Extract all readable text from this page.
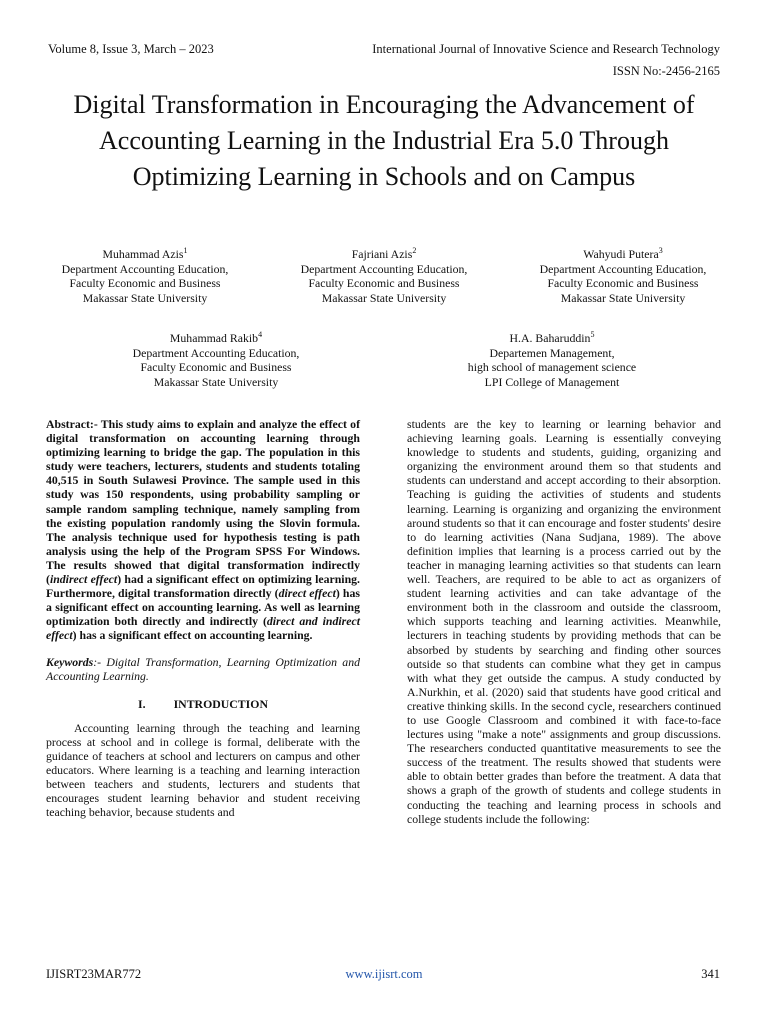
Volume 8, Issue 3, March – 2023	International Journal of Innovative Science and Research Technology
ISSN No:-2456-2165
Digital Transformation in Encouraging the Advancement of Accounting Learning in the Industrial Era 5.0 Through Optimizing Learning in Schools and on Campus
Muhammad Azis$^1$
Department Accounting Education,
Faculty Economic and Business
Makassar State University
Fajriani Azis$^2$
Department Accounting Education,
Faculty Economic and Business
Makassar State University
Wahyudi Putera$^3$
Department Accounting Education,
Faculty Economic and Business
Makassar State University
Muhammad Rakib$^4$
Department Accounting Education,
Faculty Economic and Business
Makassar State University
H.A. Baharuddin$^5$
Departemen Management,
high school of management science
LPI College of Management

Abstract:- This study aims to explain and analyze the effect of digital transformation on accounting learning through optimizing learning to bridge the gap. The population in this study were teachers, lecturers, students and students totaling 40,515 in South Sulawesi Province. The sample used in this study was 150 respondents, using probability sampling or sample random sampling technique, namely sampling from the existing population randomly using the Slovin formula. The analysis technique used for hypothesis testing is path analysis using the help of the Program SPSS For Windows. The results showed that digital transformation indirectly (indirect effect) had a significant effect on optimizing learning. Furthermore, digital transformation directly (direct effect) has a significant effect on accounting learning. As well as learning optimization both directly and indirectly (direct and indirect effect) has a significant effect on accounting learning.

Keywords:- Digital Transformation, Learning Optimization and Accounting Learning.
I. INTRODUCTION
Accounting learning through the teaching and learning process at school and in college is formal, deliberate with the guidance of teachers at school and lecturers on campus and other educators. Where learning is a teaching and learning interaction between teachers and students, lecturers and students that encourages student learning behavior and student receiving teaching behavior, because students and
students are the key to learning or learning behavior and achieving learning goals. Learning is essentially conveying knowledge to students and students, guiding, organizing and organizing the environment around them so that students and students can understand and accept according to their absorption. Teaching is guiding the activities of students and students learning. Learning is organizing and organizing the environment around students so that it can encourage and foster students' desire to do learning activities (Nana Sudjana, 1989). The above definition implies that learning is a process carried out by the teacher in managing learning activities so that students can learn well. Teachers, are required to be able to act as organizers of student learning activities and can take advantage of the environment both in the classroom and outside the classroom, which supports teaching and learning activities. Meanwhile, lecturers in teaching students by providing methods that can be absorbed by students by searching and finding other sources outside so that students can combine what they get in campus with what they get outside the campus. A study conducted by A.Nurkhin, et al. (2020) said that students have good critical and creative thinking skills. In the second cycle, researchers continued to use Google Classroom and combined it with face-to-face lectures using "make a note" assignments and group discussions. The researchers conducted quantitative measurements to see the success of the treatment. The results showed that students were able to obtain better grades than before the treatment. A data that shows a graph of the growth of students and college students in conducting the teaching and learning process in schools and college students include the following:
IJISRT23MAR772	www.ijisrt.com	341
